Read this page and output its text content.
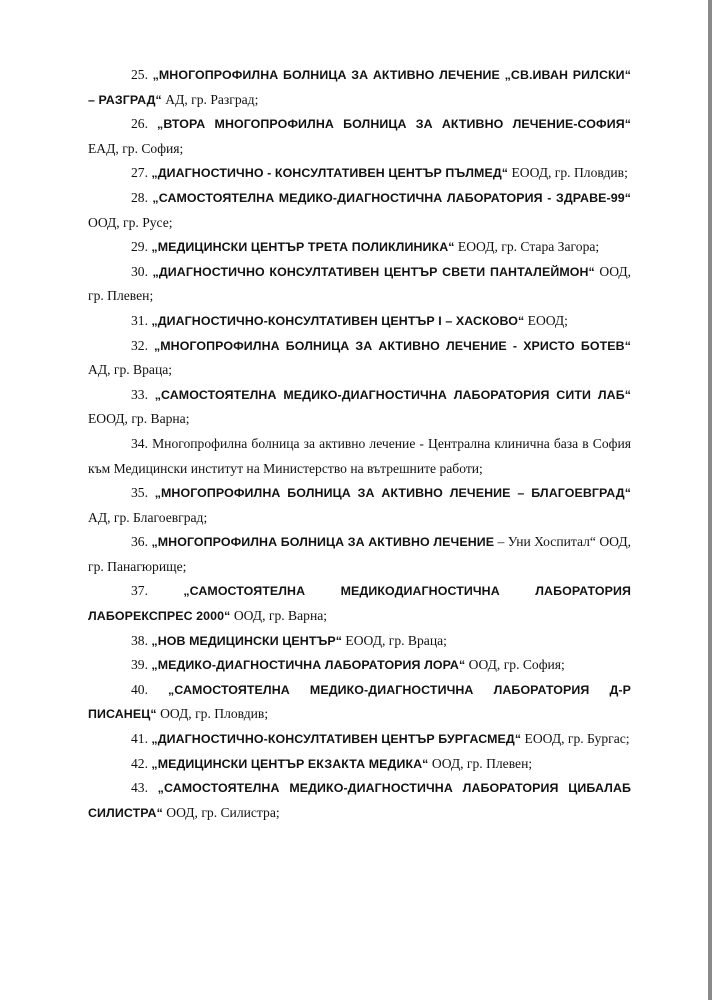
25. „МНОГОПРОФИЛНА БОЛНИЦА ЗА АКТИВНО ЛЕЧЕНИЕ „СВ.ИВАН РИЛСКИ“ – РАЗГРАД“ АД, гр. Разград;

26. „ВТОРА МНОГОПРОФИЛНА БОЛНИЦА ЗА АКТИВНО ЛЕЧЕНИЕ-СОФИЯ“ ЕАД, гр. София;

27. „ДИАГНОСТИЧНО - КОНСУЛТАТИВЕН ЦЕНТЪР ПЪЛМЕД“ ЕООД, гр. Пловдив;

28. „САМОСТОЯТЕЛНА МЕДИКО-ДИАГНОСТИЧНА ЛАБОРАТОРИЯ - ЗДРАВЕ-99“ ООД, гр. Русе;

29. „МЕДИЦИНСКИ ЦЕНТЪР ТРЕТА ПОЛИКЛИНИКА“ ЕООД, гр. Стара Загора;

30. „ДИАГНОСТИЧНО КОНСУЛТАТИВЕН ЦЕНТЪР СВЕТИ ПАНТАЛЕЙМОН“ ООД, гр. Плевен;

31. „ДИАГНОСТИЧНО-КОНСУЛТАТИВЕН ЦЕНТЪР І – ХАСКОВО“ ЕООД;

32. „МНОГОПРОФИЛНА БОЛНИЦА ЗА АКТИВНО ЛЕЧЕНИЕ - ХРИСТО БОТЕВ“ АД, гр. Враца;

33. „САМОСТОЯТЕЛНА МЕДИКО-ДИАГНОСТИЧНА ЛАБОРАТОРИЯ СИТИ ЛАБ“ ЕООД, гр. Варна;

34. Многопрофилна болница за активно лечение - Централна клинична база в София към Медицински институт на Министерство на вътрешните работи;

35. „МНОГОПРОФИЛНА БОЛНИЦА ЗА АКТИВНО ЛЕЧЕНИЕ – БЛАГОЕВГРАД“ АД, гр. Благоевград;

36. „МНОГОПРОФИЛНА БОЛНИЦА ЗА АКТИВНО ЛЕЧЕНИЕ – Уни Хоспитал“ ООД, гр. Панагюрище;

37.	„САМОСТОЯТЕЛНА МЕДИКОДИАГНОСТИЧНА ЛАБОРАТОРИЯ ЛАБОРЕКСПРЕС 2000“ ООД, гр. Варна;

38. „НОВ МЕДИЦИНСКИ ЦЕНТЪР“ ЕООД, гр. Враца;

39. „МЕДИКО-ДИАГНОСТИЧНА ЛАБОРАТОРИЯ ЛОРА“ ООД, гр. София;

40. „САМОСТОЯТЕЛНА МЕДИКО-ДИАГНОСТИЧНА ЛАБОРАТОРИЯ Д-Р ПИСАНЕЦ“ ООД, гр. Пловдив;

41. „ДИАГНОСТИЧНО-КОНСУЛТАТИВЕН ЦЕНТЪР БУРГАСМЕД“ ЕООД, гр. Бургас;

42. „МЕДИЦИНСКИ ЦЕНТЪР ЕКЗАКТА МЕДИКА“ ООД, гр. Плевен;

43. „САМОСТОЯТЕЛНА МЕДИКО-ДИАГНОСТИЧНА ЛАБОРАТОРИЯ ЦИБАЛАБ СИЛИСТРА“ ООД, гр. Силистра;
